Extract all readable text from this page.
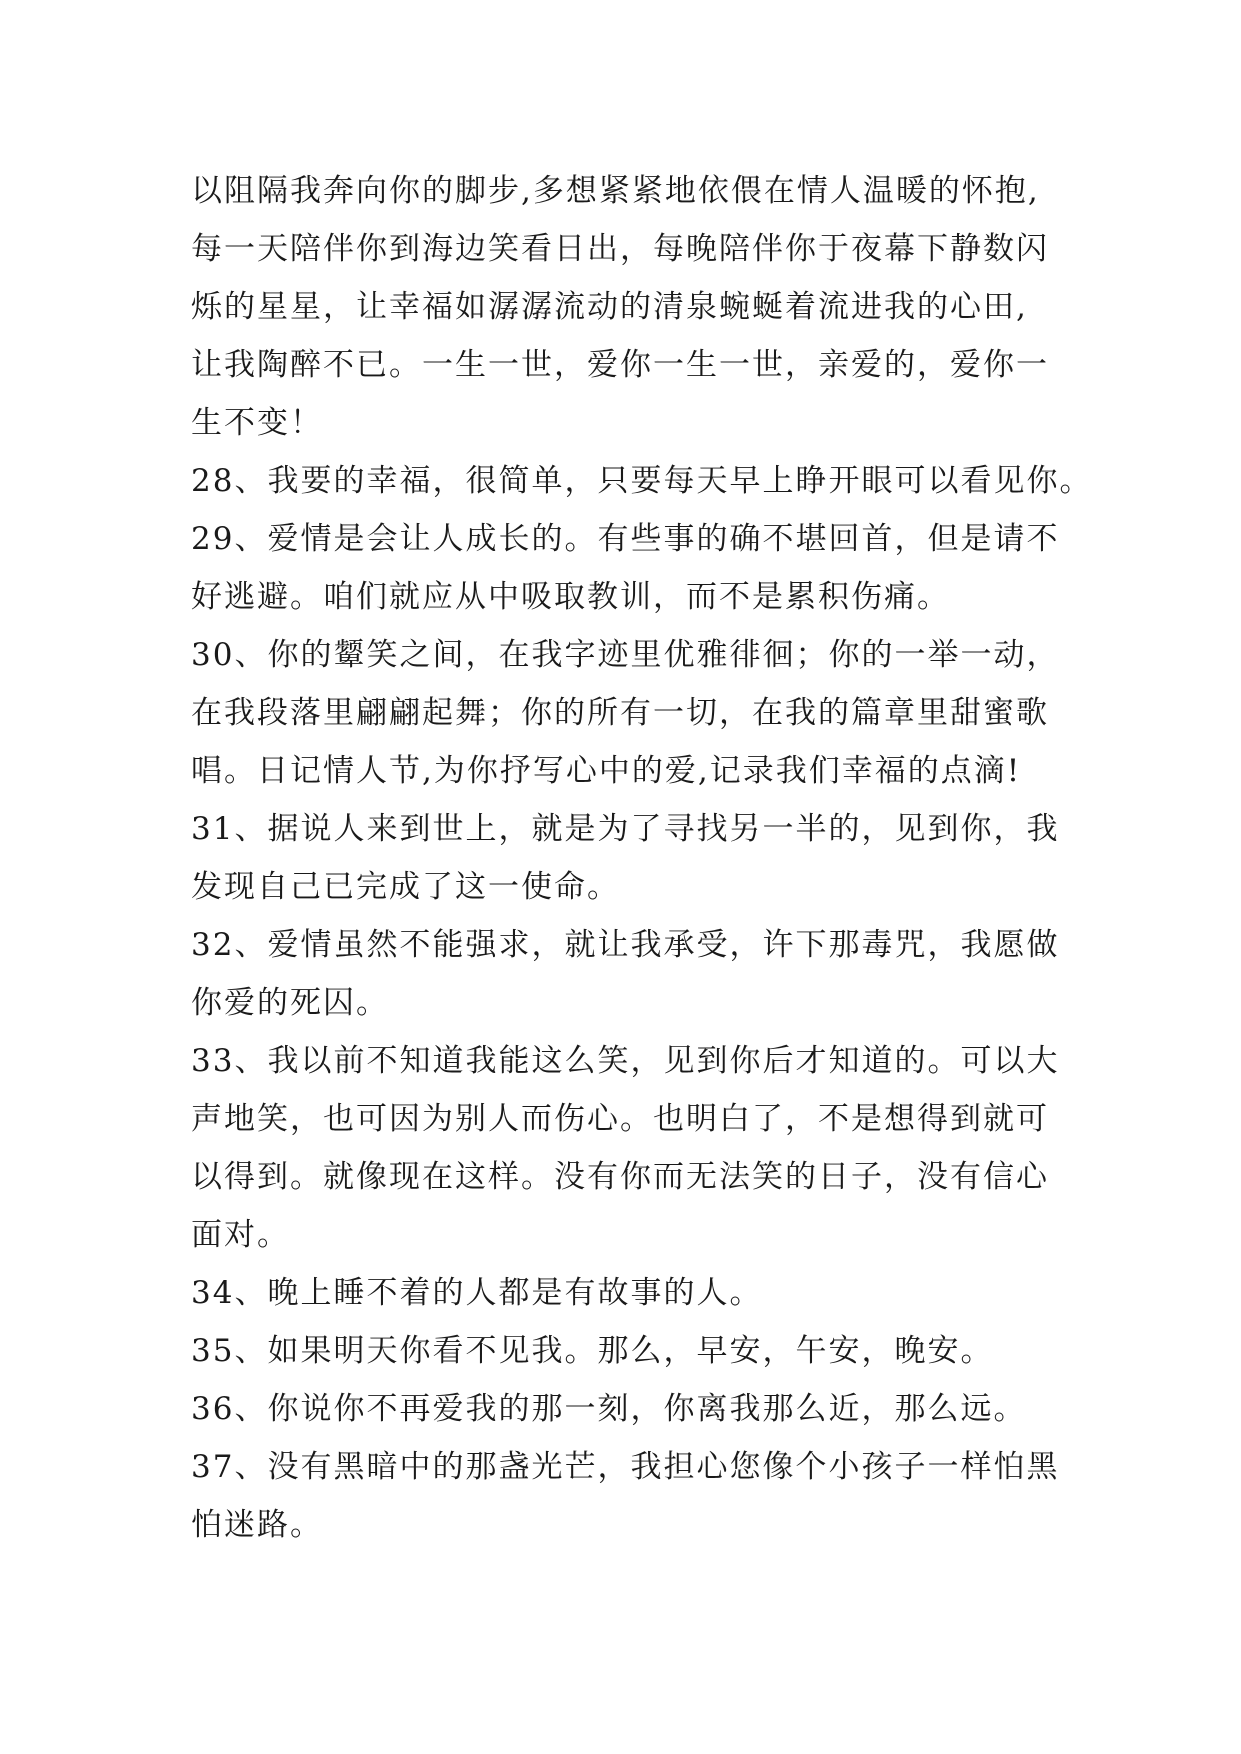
以阻隔我奔向你的脚步,多想紧紧地依偎在情人温暖的怀抱,
每一天陪伴你到海边笑看日出，每晚陪伴你于夜幕下静数闪
烁的星星，让幸福如潺潺流动的清泉蜿蜒着流进我的心田,
让我陶醉不已。一生一世，爱你一生一世，亲爱的，爱你一
生不变！
28、我要的幸福，很简单，只要每天早上睁开眼可以看见你。
29、爱情是会让人成长的。有些事的确不堪回首，但是请不
好逃避。咱们就应从中吸取教训，而不是累积伤痛。
30、你的颦笑之间，在我字迹里优雅徘徊；你的一举一动，
在我段落里翩翩起舞；你的所有一切，在我的篇章里甜蜜歌
唱。日记情人节,为你抒写心中的爱,记录我们幸福的点滴!
31、据说人来到世上，就是为了寻找另一半的，见到你，我
发现自己已完成了这一使命。
32、爱情虽然不能强求，就让我承受，许下那毒咒，我愿做
你爱的死囚。
33、我以前不知道我能这么笑，见到你后才知道的。可以大
声地笑，也可因为别人而伤心。也明白了，不是想得到就可
以得到。就像现在这样。没有你而无法笑的日子，没有信心
面对。
34、晚上睡不着的人都是有故事的人。
35、如果明天你看不见我。那么，早安，午安，晚安。
36、你说你不再爱我的那一刻，你离我那么近，那么远。
37、没有黑暗中的那盏光芒，我担心您像个小孩子一样怕黑
怕迷路。
